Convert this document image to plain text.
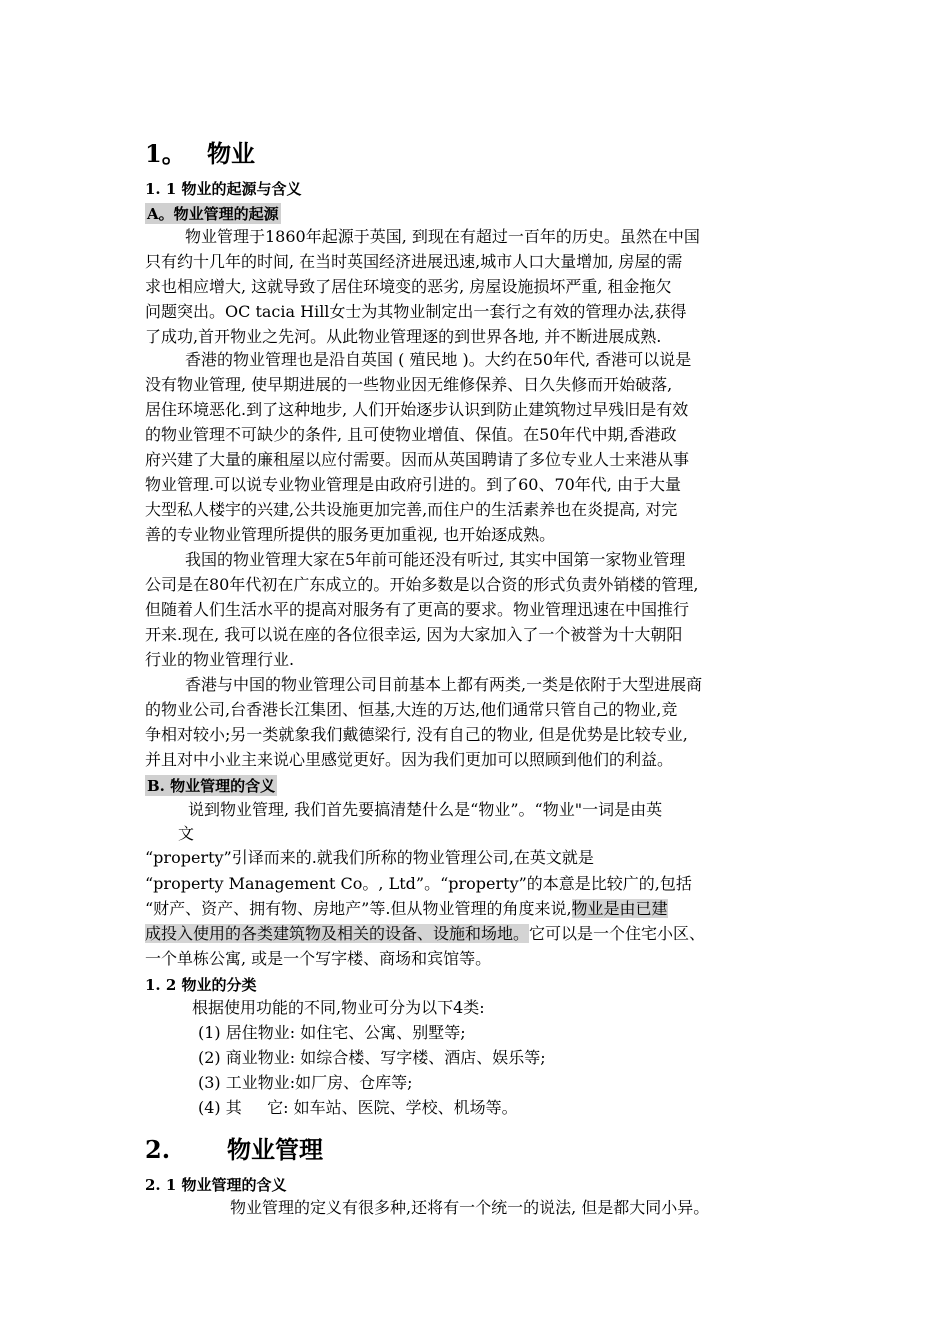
1。 物业
1. 1 物业的起源与含义
A。物业管理的起源
物业管理于1860年起源于英国, 到现在有超过一百年的历史。虽然在中国
只有约十几年的时间, 在当时英国经济进展迅速,城市人口大量增加, 房屋的需
求也相应增大, 这就导致了居住环境变的恶劣, 房屋设施损坏严重, 租金拖欠
问题突出。OC tacia Hill女士为其物业制定出一套行之有效的管理办法,获得
了成功,首开物业之先河。从此物业管理逐的到世界各地, 并不断进展成熟.
香港的物业管理也是沿自英国 ( 殖民地 )。大约在50年代, 香港可以说是
没有物业管理, 使早期进展的一些物业因无维修保养、日久失修而开始破落,
居住环境恶化.到了这种地步, 人们开始逐步认识到防止建筑物过早残旧是有效
的物业管理不可缺少的条件, 且可使物业增值、保值。在50年代中期,香港政
府兴建了大量的廉租屋以应付需要。因而从英国聘请了多位专业人士来港从事
物业管理.可以说专业物业管理是由政府引进的。到了60、70年代, 由于大量
大型私人楼宇的兴建,公共设施更加完善,而住户的生活素养也在炎提高, 对完
善的专业物业管理所提供的服务更加重视, 也开始逐成熟。
我国的物业管理大家在5年前可能还没有听过, 其实中国第一家物业管理
公司是在80年代初在广东成立的。开始多数是以合资的形式负责外销楼的管理,
但随着人们生活水平的提高对服务有了更高的要求。物业管理迅速在中国推行
开来.现在, 我可以说在座的各位很幸运, 因为大家加入了一个被誉为十大朝阳
行业的物业管理行业.
香港与中国的物业管理公司目前基本上都有两类,一类是依附于大型进展商
的物业公司,台香港长江集团、恒基,大连的万达,他们通常只管自己的物业,竞
争相对较小;另一类就象我们戴德梁行, 没有自己的物业, 但是优势是比较专业,
并且对中小业主来说心里感觉更好。因为我们更加可以照顾到他们的利益。
B. 物业管理的含义
说到物业管理, 我们首先要搞清楚什么是“物业”。“物业"一词是由英
文
“property”引译而来的.就我们所称的物业管理公司,在英文就是
“property Management Co。, Ltd”。“property”的本意是比较广的,包括
“财产、资产、拥有物、房地产”等.但从物业管理的角度来说,物业是由已建
成投入使用的各类建筑物及相关的设备、设施和场地。它可以是一个住宅小区、
一个单栋公寓, 或是一个写字楼、商场和宾馆等。
1. 2 物业的分类
根据使用功能的不同,物业可分为以下4类:
(1) 居住物业: 如住宅、公寓、别墅等;
(2) 商业物业: 如综合楼、写字楼、酒店、娱乐等;
(3) 工业物业:如厂房、仓库等;
(4) 其     它: 如车站、医院、学校、机场等。
2. 物业管理
2. 1 物业管理的含义
物业管理的定义有很多种,还将有一个统一的说法, 但是都大同小异。
